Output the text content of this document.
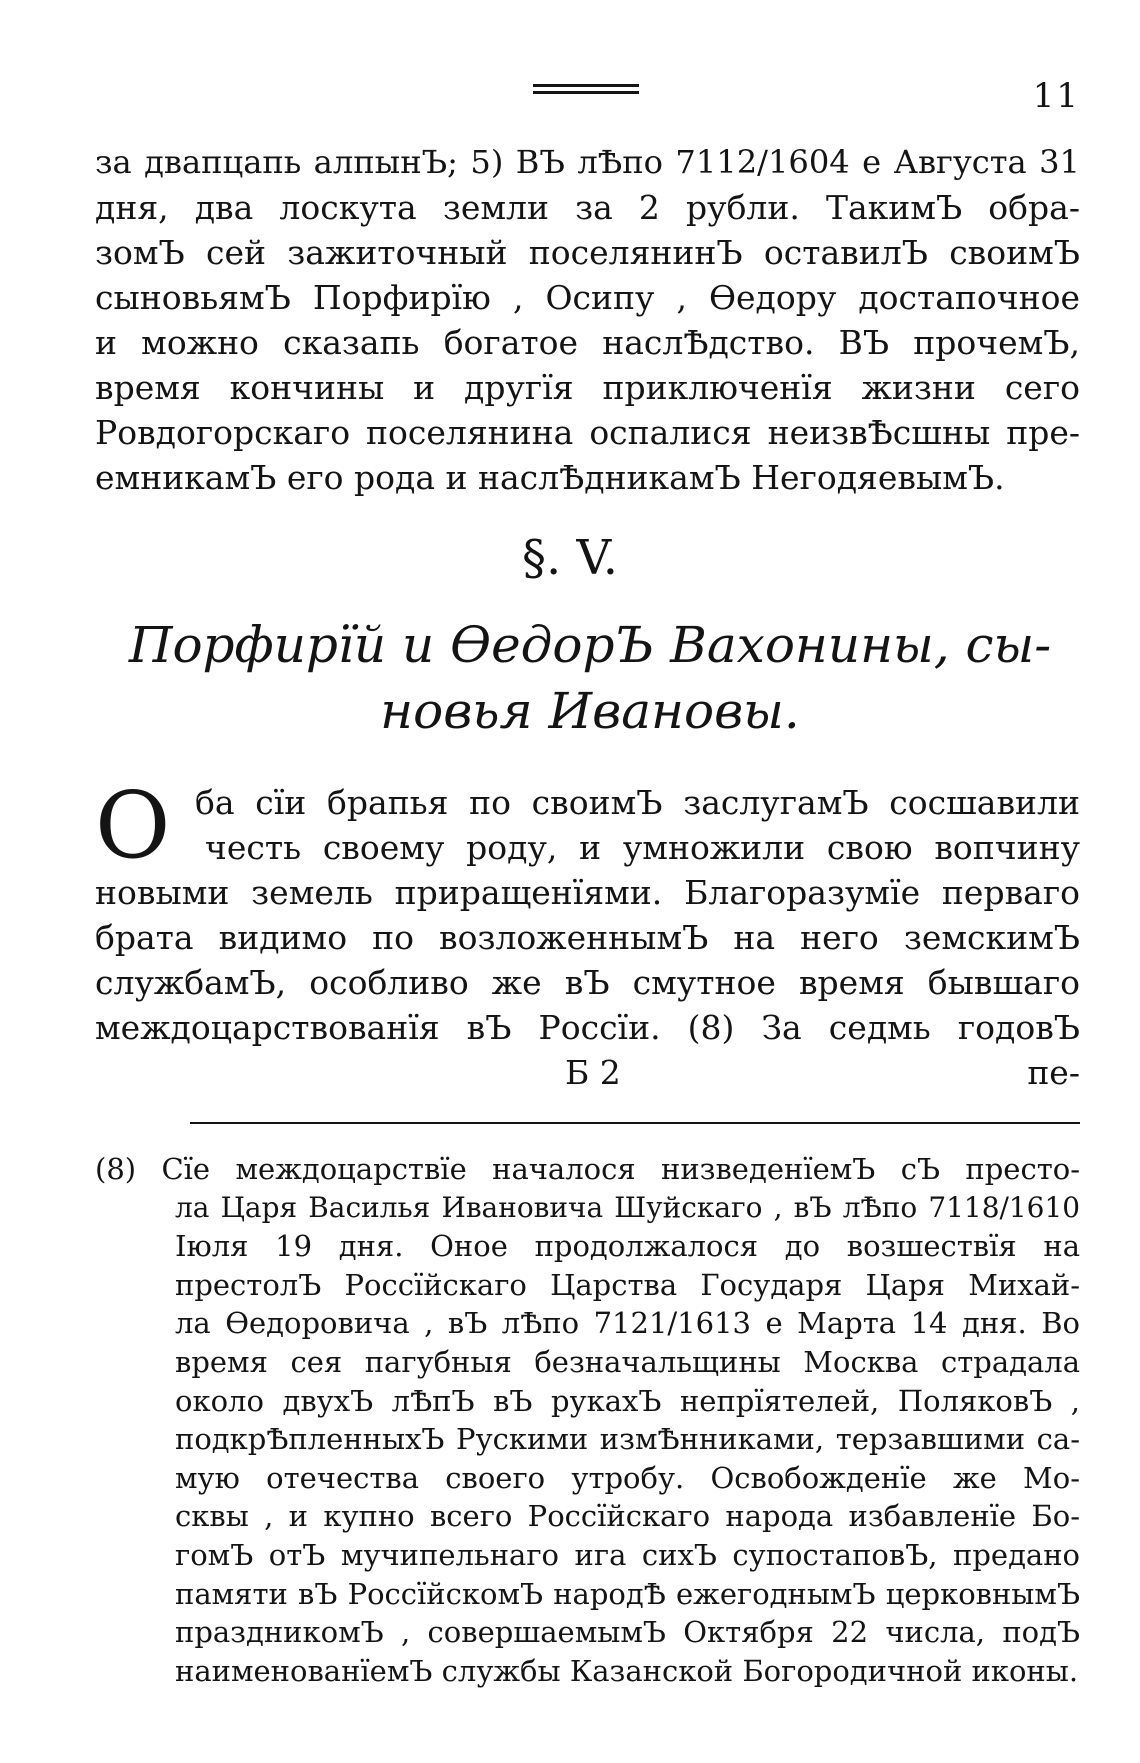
11
за двапцапь алпынЪ; 5) ВЪ лѢпо 7112/1604 е Августа 31
дня, два лоскута земли за 2 рубли. ТакимЪ обра-
зомЪ сей зажиточный поселянинЪ оставилЪ своимЪ
сыновьямЪ Порфирїю , Осипу , Ѳедору достапочное
и можно сказапь богатое наслѢдство. ВЪ прочемЪ,
время кончины и другїя приключенїя жизни сего
Ровдогорскаго поселянина оспалися неизвѢсшны пре-
емникамЪ его рода и наслѢдникамЪ НегодяевымЪ.
§. V.
Порфирїй и ѲедорЪ Вахонины, сы-
новья Ивановы.
О ба сїи брапья по своимЪ заслугамЪ сосшавили
честь своему роду, и умножили свою вопчину
новыми земель приращенїями. Благоразумїе перваго
брата видимо по возложеннымЪ на него земскимЪ
службамЪ, особливо же вЪ смутное время бывшаго
междоцарствованїя вЪ Россїи. (8) За седмь годовЪ
Б 2	пе-
(8) Сїе междоцарствїе началося низведенїемЪ сЪ престо-
ла Царя Василья Ивановича Шуйскаго , вЪ лѢпо 7118/1610
Іюля 19 дня. Оное продолжалося до возшествїя на
престолЪ Россїйскаго Царства Государя Царя Михай-
ла Ѳедоровича , вЪ лѢпо 7121/1613 е Марта 14 дня. Во
время сея пагубныя безначальщины Москва страдала
около двухЪ лѢпЪ вЪ рукахЪ непрїятелей, ПоляковЪ ,
подкрѢпленныхЪ Рускими измѢнниками, терзавшими са-
мую отечества своего утробу. Освобожденїе же Мо-
сквы , и купно всего Россїйскаго народа избавленїе Бо-
гомЪ отЪ мучипельнаго ига сихЪ супостаповЪ, предано
памяти вЪ РоссїйскомЪ народѢ ежегоднымЪ церковнымЪ
праздникомЪ , совершаемымЪ Октября 22 числа, подЪ
наименованїемЪ службы Казанской Богородичной иконы.
